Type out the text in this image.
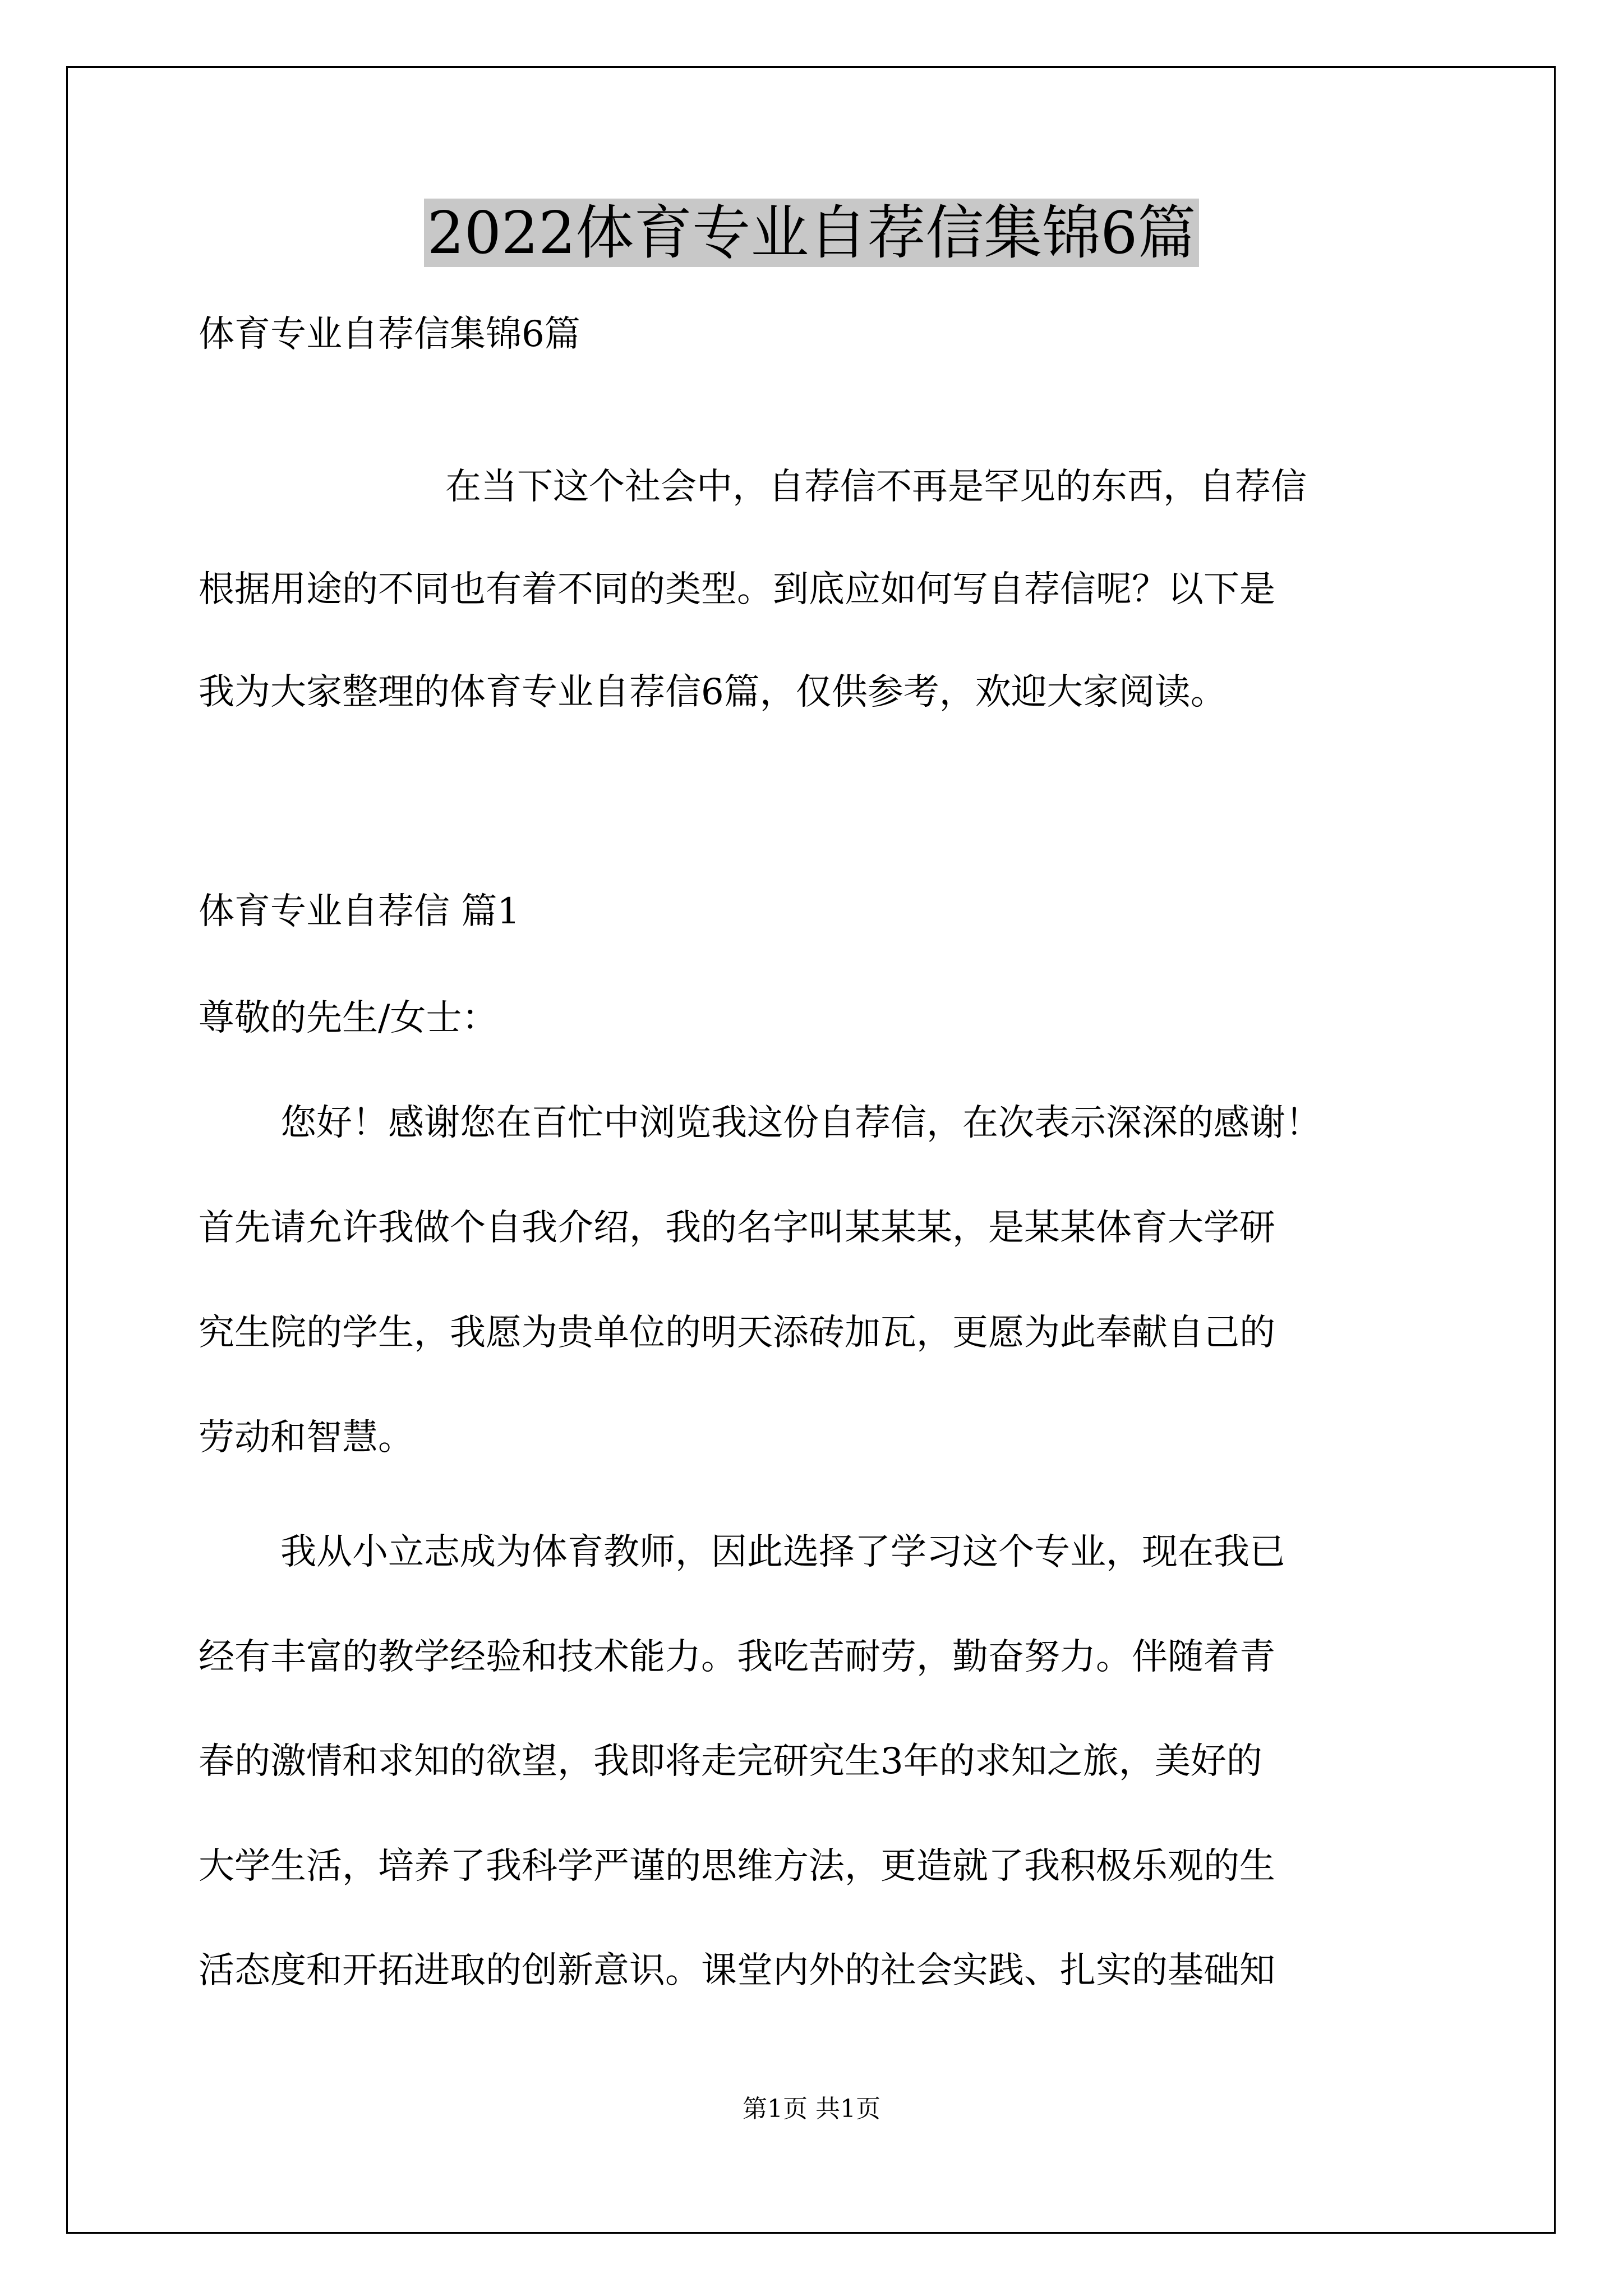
2022体育专业自荐信集锦6篇
体育专业自荐信集锦6篇
在当下这个社会中，自荐信不再是罕见的东西，自荐信
根据用途的不同也有着不同的类型。到底应如何写自荐信呢？以下是
我为大家整理的体育专业自荐信6篇，仅供参考，欢迎大家阅读。
体育专业自荐信 篇1
尊敬的先生/女士：
您好！感谢您在百忙中浏览我这份自荐信，在次表示深深的感谢！
首先请允许我做个自我介绍，我的名字叫某某某，是某某体育大学研
究生院的学生，我愿为贵单位的明天添砖加瓦，更愿为此奉献自己的
劳动和智慧。
我从小立志成为体育教师，因此选择了学习这个专业，现在我已
经有丰富的教学经验和技术能力。我吃苦耐劳，勤奋努力。伴随着青
春的激情和求知的欲望，我即将走完研究生3年的求知之旅，美好的
大学生活，培养了我科学严谨的思维方法，更造就了我积极乐观的生
活态度和开拓进取的创新意识。课堂内外的社会实践、扎实的基础知
第1页 共1页
